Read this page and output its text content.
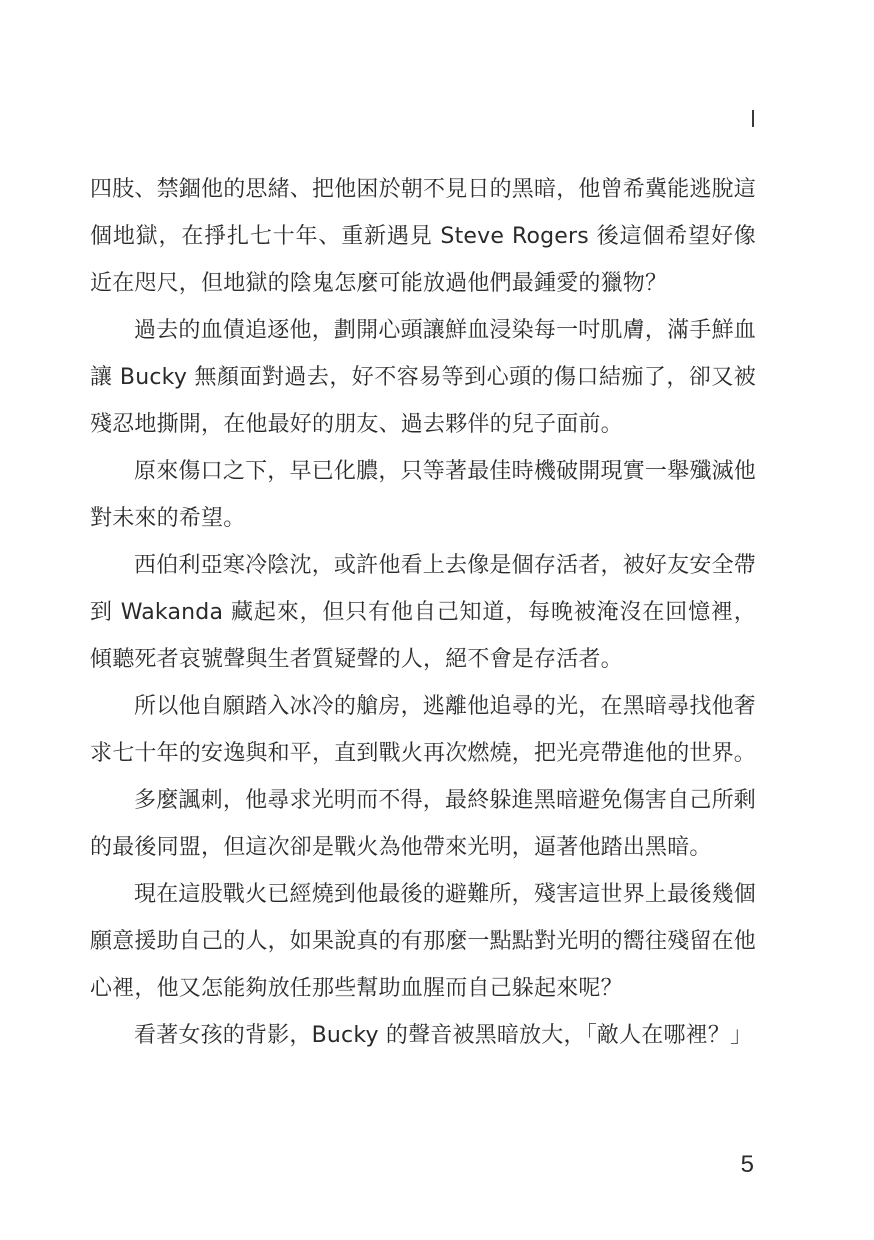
四肢、禁錮他的思緒、把他困於朝不見日的黑暗，他曾希冀能逃脫這個地獄，在掙扎七十年、重新遇見 Steve Rogers 後這個希望好像近在咫尺，但地獄的陰鬼怎麼可能放過他們最鍾愛的獵物？

過去的血債追逐他，劃開心頭讓鮮血浸染每一吋肌膚，滿手鮮血讓 Bucky 無顏面對過去，好不容易等到心頭的傷口結痂了，卻又被殘忍地撕開，在他最好的朋友、過去夥伴的兒子面前。

原來傷口之下，早已化膿，只等著最佳時機破開現實一舉殲滅他對未來的希望。

西伯利亞寒冷陰沈，或許他看上去像是個存活者，被好友安全帶到 Wakanda 藏起來，但只有他自己知道，每晚被淹沒在回憶裡，傾聽死者哀號聲與生者質疑聲的人，絕不會是存活者。

所以他自願踏入冰冷的艙房，逃離他追尋的光，在黑暗尋找他奢求七十年的安逸與和平，直到戰火再次燃燒，把光亮帶進他的世界。

多麼諷刺，他尋求光明而不得，最終躲進黑暗避免傷害自己所剩的最後同盟，但這次卻是戰火為他帶來光明，逼著他踏出黑暗。

現在這股戰火已經燒到他最後的避難所，殘害這世界上最後幾個願意援助自己的人，如果說真的有那麼一點點對光明的嚮往殘留在他心裡，他又怎能夠放任那些幫助血腥而自己躲起來呢？

看著女孩的背影，Bucky 的聲音被黑暗放大，「敵人在哪裡？」

5
